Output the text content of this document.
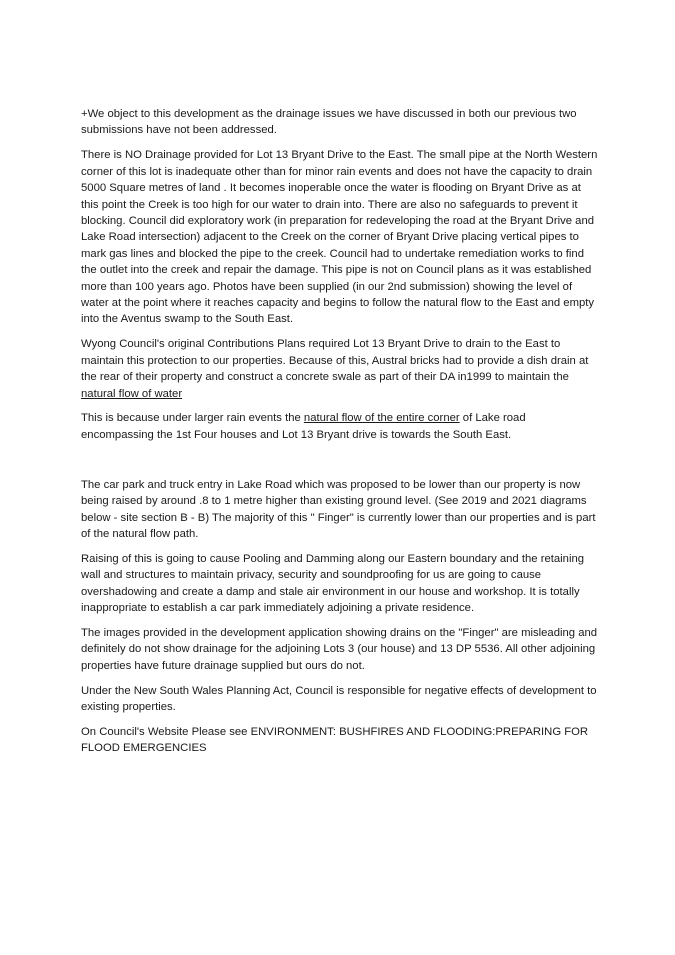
+We object to this development as the drainage issues we have discussed in both our previous two submissions have not been addressed.

There is NO Drainage provided for Lot 13 Bryant Drive to the East. The small pipe at the North Western corner of this lot is inadequate other than for minor rain events and does not have the capacity to drain 5000 Square metres of land . It becomes inoperable once the water is flooding on Bryant Drive as at this point the Creek is too high for our water to drain into. There are also no safeguards to prevent it blocking. Council did exploratory work (in preparation for redeveloping the road at the Bryant Drive and Lake Road intersection) adjacent to the Creek on the corner of Bryant Drive placing vertical pipes to mark gas lines and blocked the pipe to the creek. Council had to undertake remediation works to find the outlet into the creek and repair the damage. This pipe is not on Council plans as it was established more than 100 years ago. Photos have been supplied (in our 2nd submission) showing the level of water at the point where it reaches capacity and begins to follow the natural flow to the East and empty into the Aventus swamp to the South East.

Wyong Council's original Contributions Plans required Lot 13 Bryant Drive to drain to the East to maintain this protection to our properties. Because of this, Austral bricks had to provide a dish drain at the rear of their property and construct a concrete swale as part of their DA in1999 to maintain the natural flow of water

This is because under larger rain events the natural flow of the entire corner of Lake road encompassing the 1st Four houses and Lot 13 Bryant drive is towards the South East.

The car park and truck entry in Lake Road which was proposed to be lower than our property is now being raised by around .8 to 1 metre higher than existing ground level. (See 2019 and 2021 diagrams below - site section B - B) The majority of this " Finger" is currently lower than our properties and is part of the natural flow path.

Raising of this is going to cause Pooling and Damming along our Eastern boundary and the retaining wall and structures to maintain privacy, security and soundproofing for us are going to cause overshadowing and create a damp and stale air environment in our house and workshop. It is totally inappropriate to establish a car park immediately adjoining a private residence.

The images provided in the development application showing drains on the "Finger" are misleading and definitely do not show drainage for the adjoining Lots 3 (our house) and 13 DP 5536. All other adjoining properties have future drainage supplied but ours do not.

Under the New South Wales Planning Act, Council is responsible for negative effects of development to existing properties.

On Council's Website Please see ENVIRONMENT: BUSHFIRES AND FLOODING:PREPARING FOR FLOOD EMERGENCIES
